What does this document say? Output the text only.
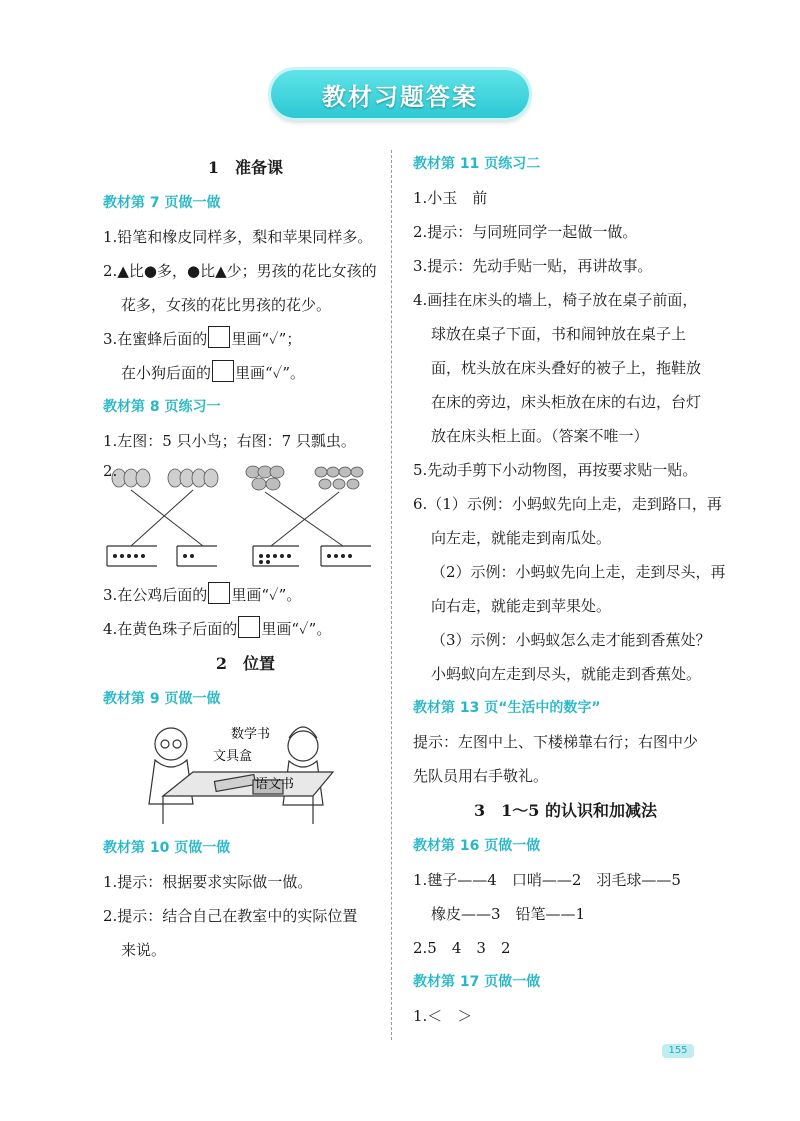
教材习题答案
1　准备课
教材第 7 页做一做
1.铅笔和橡皮同样多，梨和苹果同样多。
2.▲比●多，●比▲少；男孩的花比女孩的
花多，女孩的花比男孩的花少。
3.在蜜蜂后面的 里画“✓”；
在小狗后面的 里画“✓”。
教材第 8 页练习一
1.左图：5 只小鸟；右图：7 只瓢虫。
2.
3.在公鸡后面的 里画“✓”。
4.在黄色珠子后面的 里画“✓”。
2　位置
教材第 9 页做一做
数学书
文具盒
语文书
教材第 10 页做一做
1.提示：根据要求实际做一做。
2.提示：结合自己在教室中的实际位置
来说。
教材第 11 页练习二
1.小玉　前
2.提示：与同班同学一起做一做。
3.提示：先动手贴一贴，再讲故事。
4.画挂在床头的墙上，椅子放在桌子前面，
球放在桌子下面，书和闹钟放在桌子上
面，枕头放在床头叠好的被子上，拖鞋放
在床的旁边，床头柜放在床的右边，台灯
放在床头柜上面。（答案不唯一）
5.先动手剪下小动物图，再按要求贴一贴。
6.（1）示例：小蚂蚁先向上走，走到路口，再
向左走，就能走到南瓜处。
（2）示例：小蚂蚁先向上走，走到尽头，再
向右走，就能走到苹果处。
（3）示例：小蚂蚁怎么走才能到香蕉处？
小蚂蚁向左走到尽头，就能走到香蕉处。
教材第 13 页“生活中的数字”
提示：左图中上、下楼梯靠右行；右图中少
先队员用右手敬礼。
3　1～5 的认识和加减法
教材第 16 页做一做
1.毽子——4　口哨——2　羽毛球——5
橡皮——3　铅笔——1
2.5　4　3　2
教材第 17 页做一做
1.＜　＞
155
